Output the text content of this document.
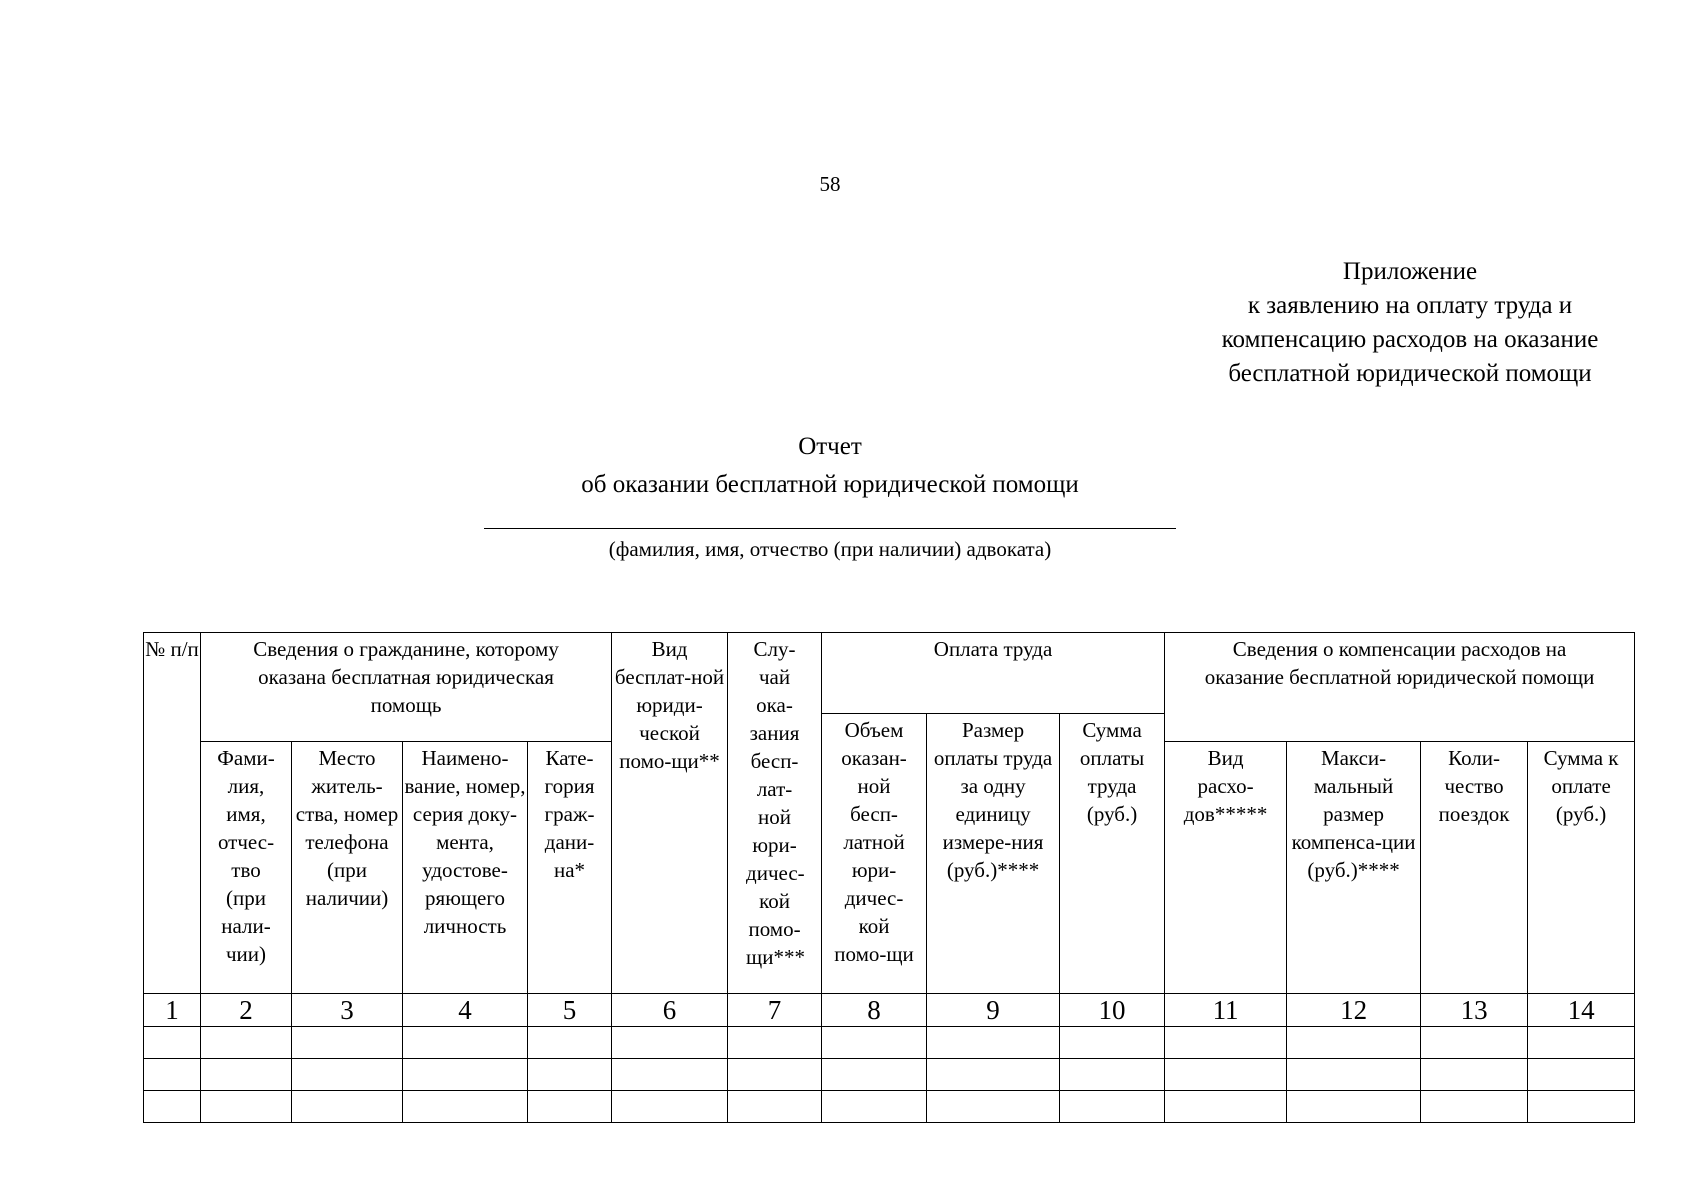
58
Приложение
к заявлению на оплату труда и
компенсацию расходов на оказание
бесплатной юридической помощи
Отчет
об оказании бесплатной юридической помощи
(фамилия, имя, отчество (при наличии) адвоката)
№ п/п	Сведения о гражданине, которому оказана бесплатная юридическая помощь				Вид бесплат-ной юриди-ческой помо-щи**	Слу-чай ока-зания бесп-лат-ной юри-дичес-кой помо-щи***	Оплата труда			Сведения о компенсации расходов на оказание бесплатной юридической помощи			
							Объем оказан-ной бесп-латной юри-дичес-кой помо-щи	Размер оплаты труда за одну единицу измере-ния (руб.)****	Сумма оплаты труда (руб.)				
	Фами-лия, имя, отчес-тво (при нали-чии)	Место житель-ства, номер телефона (при наличии)	Наимено-вание, номер, серия доку-мента, удостове-ряющего личность	Кате-гория граж-дани-на*						Вид расхо-дов*****	Макси-мальный размер компенса-ции (руб.)****	Коли-чество поездок	Сумма к оплате (руб.)
1	2	3	4	5	6	7	8	9	10	11	12	13	14
